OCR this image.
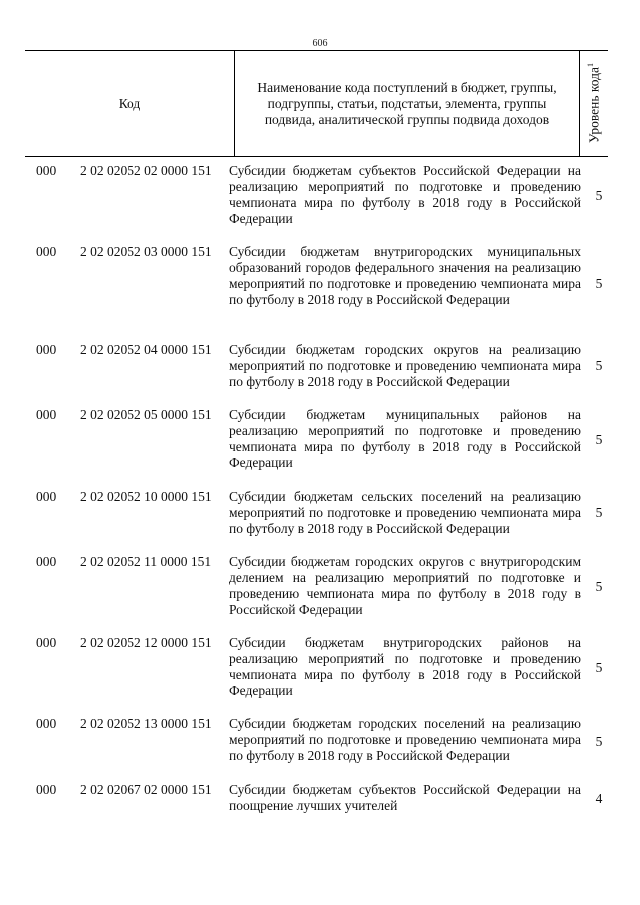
606
Код
Наименование кода поступлений в бюджет, группы, подгруппы, статьи, подстатьи, элемента, группы подвида, аналитической группы подвида доходов	Уровень кода$^1$
000 2 02 02052 02 0000 151 Субсидии бюджетам субъектов Российской Федерации на реализацию мероприятий по подготовке и проведению чемпионата мира по футболу в 2018 году в Российской Федерации
5
000 2 02 02052 03 0000 151 Субсидии бюджетам внутригородских муниципальных образований городов федерального значения на реализацию мероприятий по подготовке и проведению чемпионата мира по футболу в 2018 году в Российской Федерации
5
000 2 02 02052 04 0000 151 Субсидии бюджетам городских округов на реализацию мероприятий по подготовке и проведению чемпионата мира по футболу в 2018 году в Российской Федерации
5
000 2 02 02052 05 0000 151 Субсидии бюджетам муниципальных районов на реализацию мероприятий по подготовке и проведению чемпионата мира по футболу в 2018 году в Российской Федерации
5
000 2 02 02052 10 0000 151 Субсидии бюджетам сельских поселений на реализацию мероприятий по подготовке и проведению чемпионата мира по футболу в 2018 году в Российской Федерации
5
000 2 02 02052 11 0000 151 Субсидии бюджетам городских округов с внутригородским делением на реализацию мероприятий по подготовке и проведению чемпионата мира по футболу в 2018 году в Российской Федерации
5
000 2 02 02052 12 0000 151 Субсидии бюджетам внутригородских районов на реализацию мероприятий по подготовке и проведению чемпионата мира по футболу в 2018 году в Российской Федерации
5
000 2 02 02052 13 0000 151 Субсидии бюджетам городских поселений на реализацию мероприятий по подготовке и проведению чемпионата мира по футболу в 2018 году в Российской Федерации
5
000 2 02 02067 02 0000 151 Субсидии бюджетам субъектов Российской Федерации на поощрение лучших учителей	4
